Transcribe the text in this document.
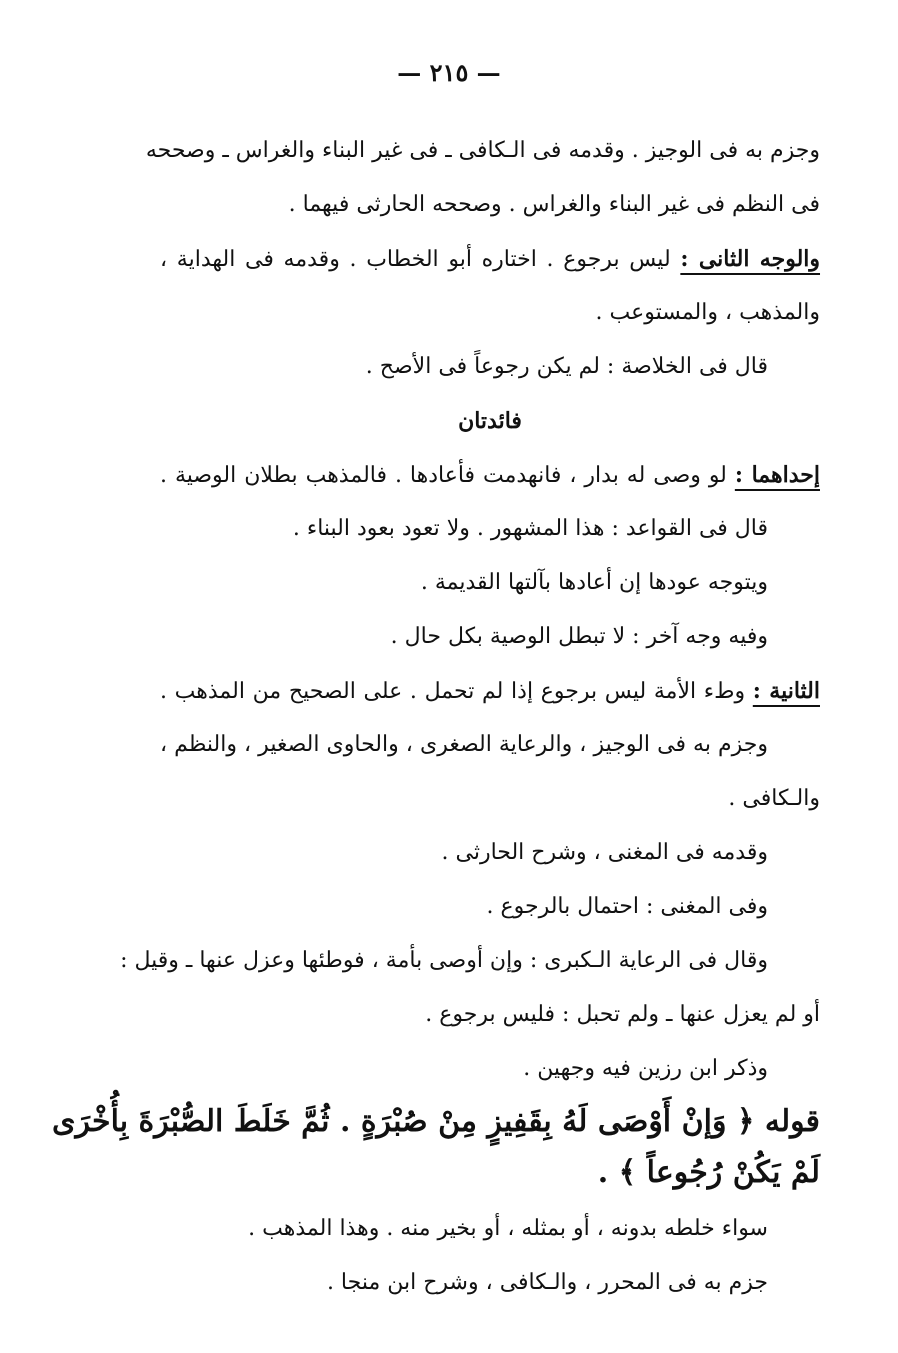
— ٢١٥ —
وجزم به فى الوجيز . وقدمه فى الـكافى ـ فى غير البناء والغراس ـ وصححه
فى النظم فى غير البناء والغراس . وصححه الحارثى فيهما .
والوجه الثانى : ليس برجوع . اختاره أبو الخطاب . وقدمه فى الهداية ،
والمذهب ، والمستوعب .
قال فى الخلاصة : لم يكن رجوعاً فى الأصح .
فائدتان
إحداهما : لو وصى له بدار ، فانهدمت فأعادها . فالمذهب بطلان الوصية .
قال فى القواعد : هذا المشهور . ولا تعود بعود البناء .
ويتوجه عودها إن أعادها بآلتها القديمة .
وفيه وجه آخر : لا تبطل الوصية بكل حال .
الثانية : وطء الأمة ليس برجوع إذا لم تحمل . على الصحيح من المذهب .
وجزم به فى الوجيز ، والرعاية الصغرى ، والحاوى الصغير ، والنظم ،
والـكافى .
وقدمه فى المغنى ، وشرح الحارثى .
وفى المغنى : احتمال بالرجوع .
وقال فى الرعاية الـكبرى : وإن أوصى بأمة ، فوطئها وعزل عنها ـ وقيل :
أو لم يعزل عنها ـ ولم تحبل : فليس برجوع .
وذكر ابن رزين فيه وجهين .
قوله ﴿ وَإنْ أَوْصَى لَهُ بِقَفِيزٍ مِنْ صُبْرَةٍ . ثُمَّ خَلَطَ الصُّبْرَةَ بِأُخْرَى
لَمْ يَكُنْ رُجُوعاً ﴾ .
سواء خلطه بدونه ، أو بمثله ، أو بخير منه . وهذا المذهب .
جزم به فى المحرر ، والـكافى ، وشرح ابن منجا .
